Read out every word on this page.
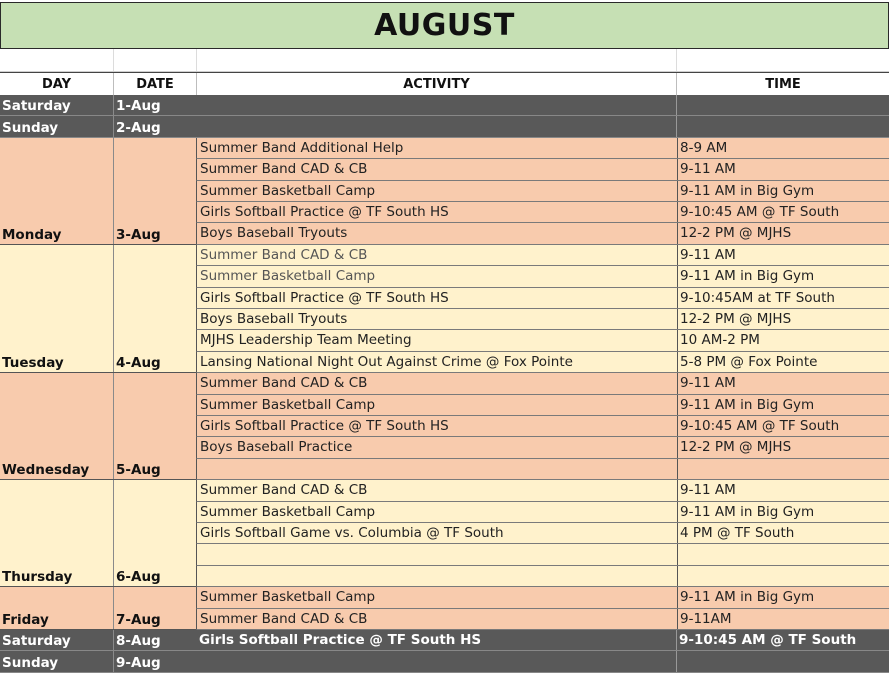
AUGUST
DAY	DATE	ACTIVITY	TIME
Saturday	1-Aug
Sunday	2-Aug
Monday	3-Aug
Summer Band Additional Help	8-9 AM
Summer Band CAD & CB	9-11 AM
Summer Basketball Camp	9-11 AM in Big Gym
Girls Softball Practice @ TF South HS	9-10:45 AM @ TF South
Boys Baseball Tryouts	12-2 PM @ MJHS
Tuesday	4-Aug
Summer Band CAD & CB	9-11 AM
Summer Basketball Camp	9-11 AM in Big Gym
Girls Softball Practice @ TF South HS	9-10:45AM at TF South
Boys Baseball Tryouts	12-2 PM @ MJHS
MJHS Leadership Team Meeting	10 AM-2 PM
Lansing National Night Out Against Crime @ Fox Pointe	5-8 PM @ Fox Pointe
Wednesday 5-Aug
Summer Band CAD & CB	9-11 AM
Summer Basketball Camp	9-11 AM in Big Gym
Girls Softball Practice @ TF South HS	9-10:45 AM @ TF South
Boys Baseball Practice	12-2 PM @ MJHS
Thursday	6-Aug
Summer Band CAD & CB	9-11 AM
Summer Basketball Camp	9-11 AM in Big Gym
Girls Softball Game vs. Columbia @ TF South	4 PM @ TF South
Friday	7-Aug
Summer Basketball Camp	9-11 AM in Big Gym
Summer Band CAD & CB	9-11AM
Saturday	8-Aug	Girls Softball Practice @ TF South HS	9-10:45 AM @ TF South
Sunday	9-Aug
